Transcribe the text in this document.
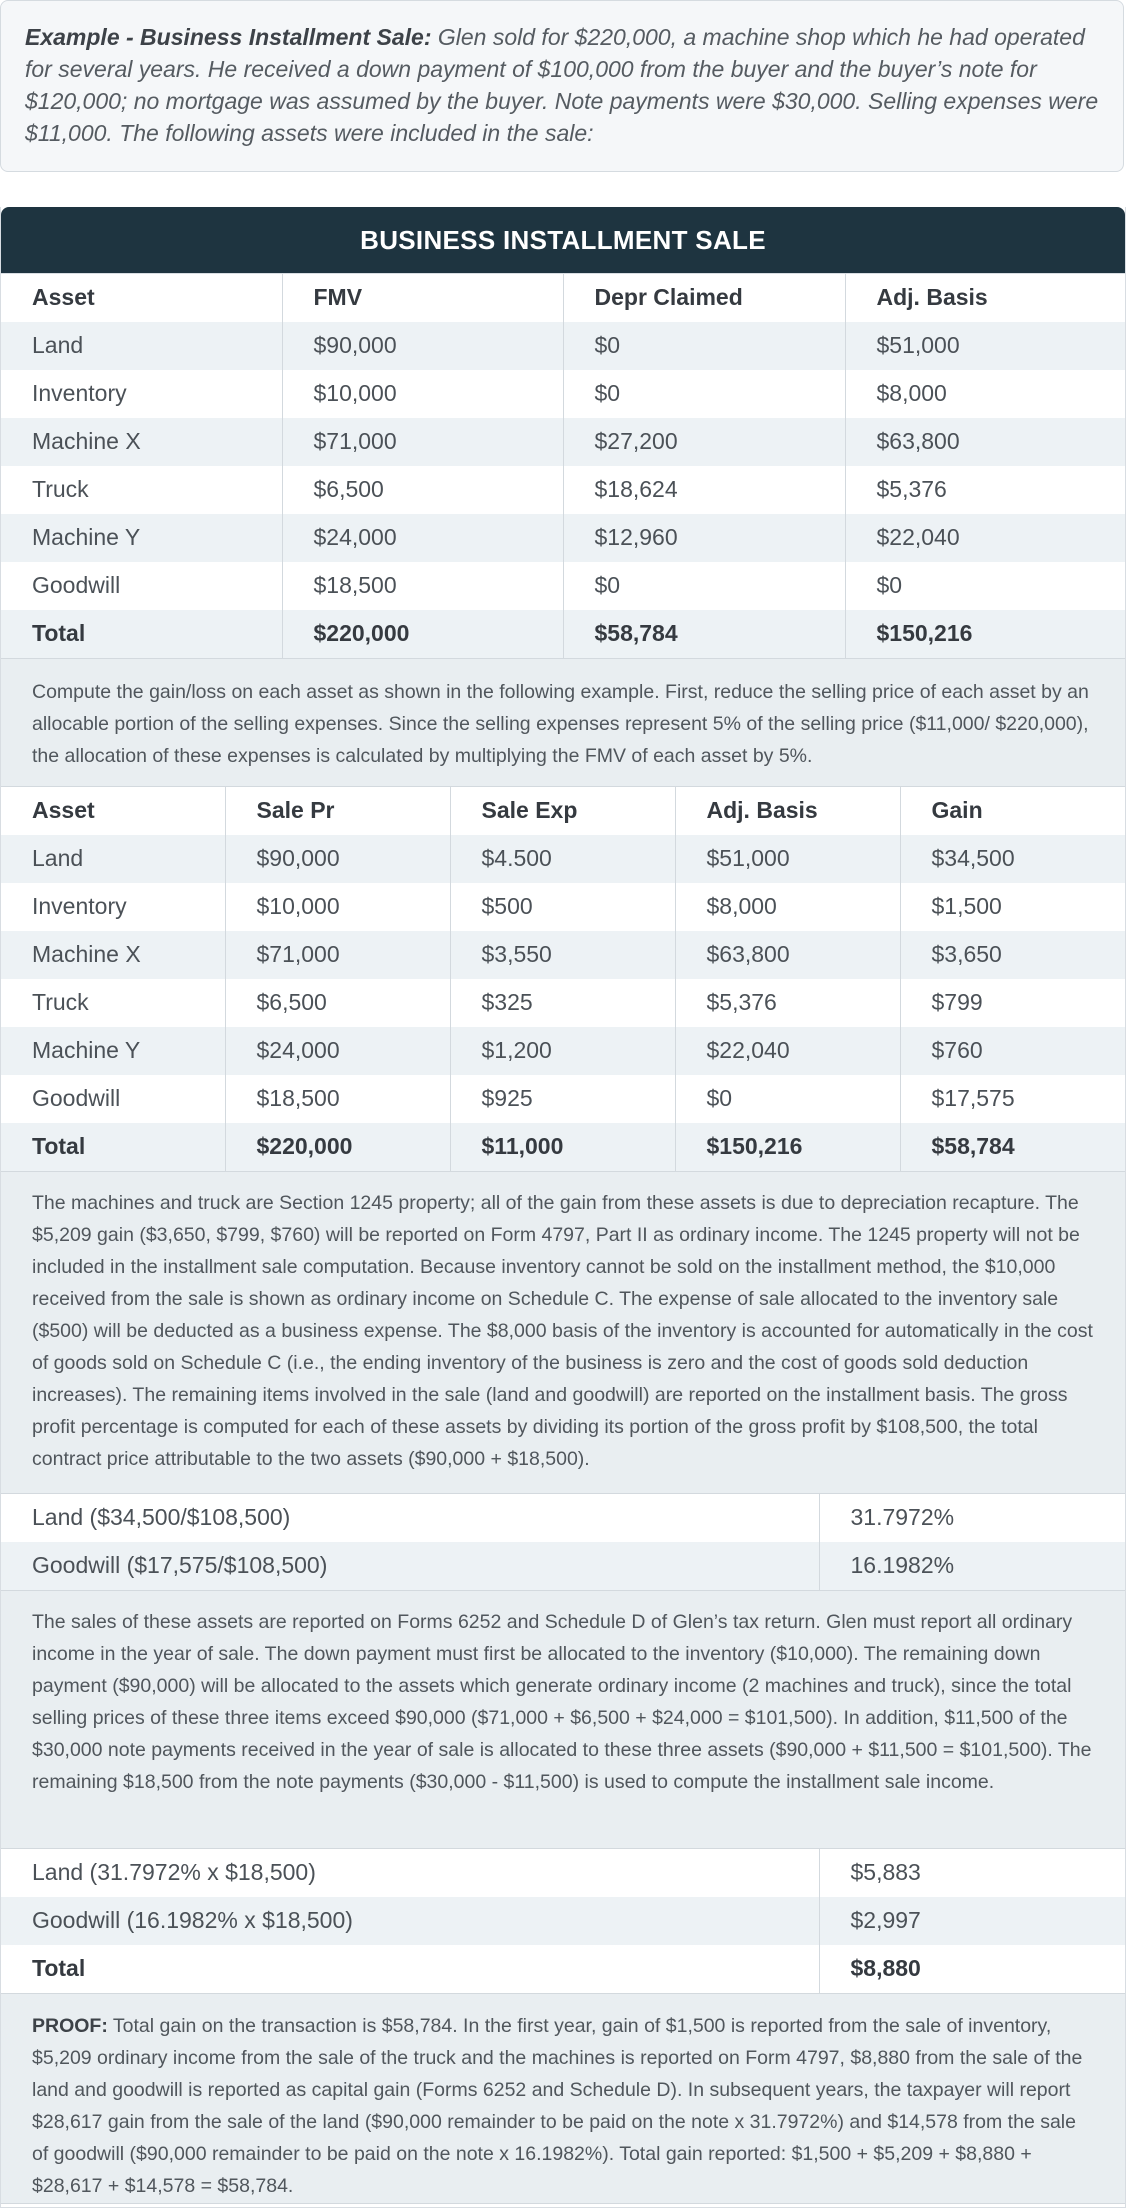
Example - Business Installment Sale: Glen sold for $220,000, a machine shop which he had operated for several years. He received a down payment of $100,000 from the buyer and the buyer’s note for $120,000; no mortgage was assumed by the buyer. Note payments were $30,000. Selling expenses were $11,000. The following assets were included in the sale:
BUSINESS INSTALLMENT SALE
Asset	FMV	Depr Claimed	Adj. Basis
Land	$90,000	$0	$51,000
Inventory	$10,000	$0	$8,000
Machine X	$71,000	$27,200	$63,800
Truck	$6,500	$18,624	$5,376
Machine Y	$24,000	$12,960	$22,040
Goodwill	$18,500	$0	$0
Total	$220,000	$58,784	$150,216
Compute the gain/loss on each asset as shown in the following example. First, reduce the selling price of each asset by an allocable portion of the selling expenses. Since the selling expenses represent 5% of the selling price ($11,000/ $220,000), the allocation of these expenses is calculated by multiplying the FMV of each asset by 5%.
Asset	Sale Pr	Sale Exp	Adj. Basis	Gain
Land	$90,000	$4.500	$51,000	$34,500
Inventory	$10,000	$500	$8,000	$1,500
Machine X	$71,000	$3,550	$63,800	$3,650
Truck	$6,500	$325	$5,376	$799
Machine Y	$24,000	$1,200	$22,040	$760
Goodwill	$18,500	$925	$0	$17,575
Total	$220,000	$11,000	$150,216	$58,784
The machines and truck are Section 1245 property; all of the gain from these assets is due to depreciation recapture. The $5,209 gain ($3,650, $799, $760) will be reported on Form 4797, Part II as ordinary income. The 1245 property will not be included in the installment sale computation. Because inventory cannot be sold on the installment method, the $10,000 received from the sale is shown as ordinary income on Schedule C. The expense of sale allocated to the inventory sale ($500) will be deducted as a business expense. The $8,000 basis of the inventory is accounted for automatically in the cost of goods sold on Schedule C (i.e., the ending inventory of the business is zero and the cost of goods sold deduction increases). The remaining items involved in the sale (land and goodwill) are reported on the installment basis. The gross profit percentage is computed for each of these assets by dividing its portion of the gross profit by $108,500, the total contract price attributable to the two assets ($90,000 + $18,500).
Land ($34,500/$108,500)	31.7972%
Goodwill ($17,575/$108,500)	16.1982%
The sales of these assets are reported on Forms 6252 and Schedule D of Glen’s tax return. Glen must report all ordinary income in the year of sale. The down payment must first be allocated to the inventory ($10,000). The remaining down payment ($90,000) will be allocated to the assets which generate ordinary income (2 machines and truck), since the total selling prices of these three items exceed $90,000 ($71,000 + $6,500 + $24,000 = $101,500). In addition, $11,500 of the $30,000 note payments received in the year of sale is allocated to these three assets ($90,000 + $11,500 = $101,500). The remaining $18,500 from the note payments ($30,000 - $11,500) is used to compute the installment sale income.
Land (31.7972% x $18,500)	$5,883
Goodwill (16.1982% x $18,500)	$2,997
Total	$8,880
PROOF: Total gain on the transaction is $58,784. In the first year, gain of $1,500 is reported from the sale of inventory, $5,209 ordinary income from the sale of the truck and the machines is reported on Form 4797, $8,880 from the sale of the land and goodwill is reported as capital gain (Forms 6252 and Schedule D). In subsequent years, the taxpayer will report $28,617 gain from the sale of the land ($90,000 remainder to be paid on the note x 31.7972%) and $14,578 from the sale of goodwill ($90,000 remainder to be paid on the note x 16.1982%). Total gain reported: $1,500 + $5,209 + $8,880 + $28,617 + $14,578 = $58,784.
